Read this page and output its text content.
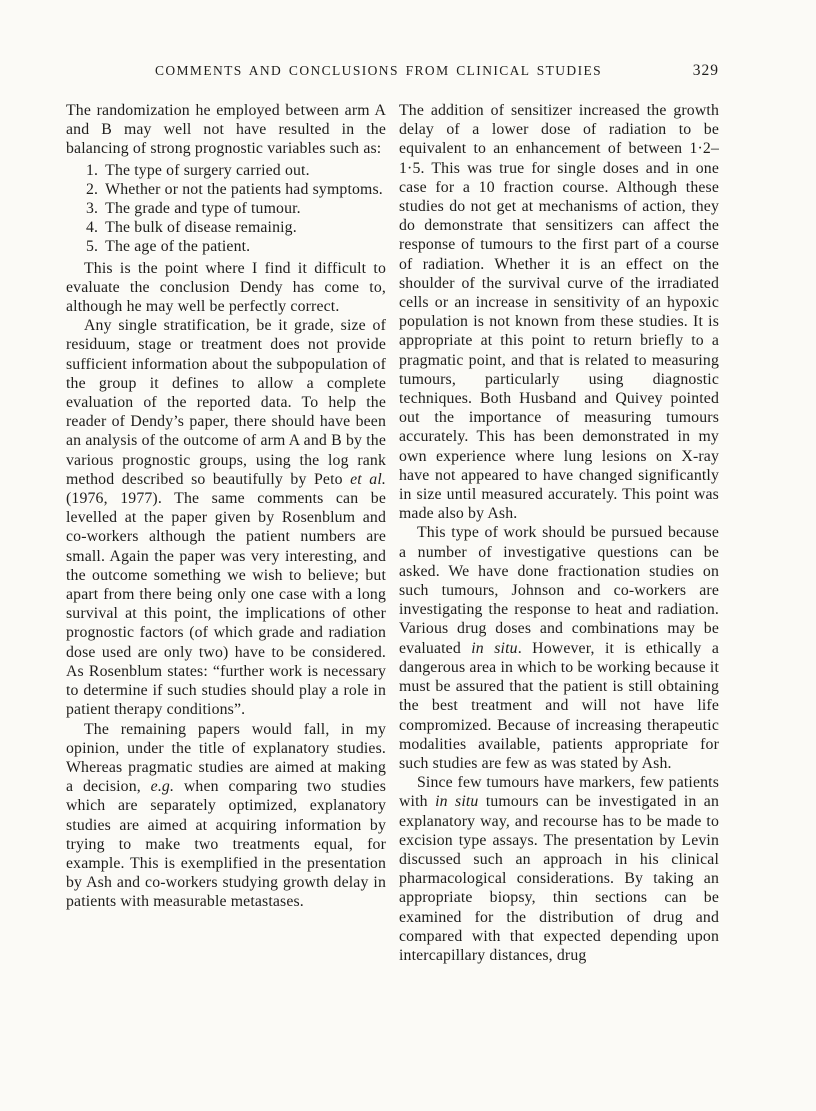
COMMENTS AND CONCLUSIONS FROM CLINICAL STUDIES	329

The randomization he employed between arm A and B may well not have resulted in the balancing of strong prognostic variables such as:

1. The type of surgery carried out.
2. Whether or not the patients had symptoms.
3. The grade and type of tumour.
4. The bulk of disease remainig.
5. The age of the patient.

This is the point where I find it difficult to evaluate the conclusion Dendy has come to, although he may well be perfectly correct.

Any single stratification, be it grade, size of residuum, stage or treatment does not provide sufficient information about the subpopulation of the group it defines to allow a complete evaluation of the reported data. To help the reader of Dendy’s paper, there should have been an analysis of the outcome of arm A and B by the various prognostic groups, using the log rank method described so beautifully by Peto et al. (1976, 1977). The same comments can be levelled at the paper given by Rosenblum and co-workers although the patient numbers are small. Again the paper was very interesting, and the outcome something we wish to believe; but apart from there being only one case with a long survival at this point, the implications of other prognostic factors (of which grade and radiation dose used are only two) have to be considered. As Rosenblum states: “further work is necessary to determine if such studies should play a role in patient therapy conditions”.

The remaining papers would fall, in my opinion, under the title of explanatory studies. Whereas pragmatic studies are aimed at making a decision, e.g. when comparing two studies which are separately optimized, explanatory studies are aimed at acquiring information by trying to make two treatments equal, for example. This is exemplified in the presentation by Ash and co-workers studying growth delay in patients with measurable metastases.

The addition of sensitizer increased the growth delay of a lower dose of radiation to be equivalent to an enhancement of between 1·2–1·5. This was true for single doses and in one case for a 10 fraction course. Although these studies do not get at mechanisms of action, they do demonstrate that sensitizers can affect the response of tumours to the first part of a course of radiation. Whether it is an effect on the shoulder of the survival curve of the irradiated cells or an increase in sensitivity of an hypoxic population is not known from these studies. It is appropriate at this point to return briefly to a pragmatic point, and that is related to measuring tumours, particularly using diagnostic techniques. Both Husband and Quivey pointed out the importance of measuring tumours accurately. This has been demonstrated in my own experience where lung lesions on X-ray have not appeared to have changed significantly in size until measured accurately. This point was made also by Ash.

This type of work should be pursued because a number of investigative questions can be asked. We have done fractionation studies on such tumours, Johnson and co-workers are investigating the response to heat and radiation. Various drug doses and combinations may be evaluated in situ. However, it is ethically a dangerous area in which to be working because it must be assured that the patient is still obtaining the best treatment and will not have life compromized. Because of increasing therapeutic modalities available, patients appropriate for such studies are few as was stated by Ash.

Since few tumours have markers, few patients with in situ tumours can be investigated in an explanatory way, and recourse has to be made to excision type assays. The presentation by Levin discussed such an approach in his clinical pharmacological considerations. By taking an appropriate biopsy, thin sections can be examined for the distribution of drug and compared with that expected depending upon intercapillary distances, drug
